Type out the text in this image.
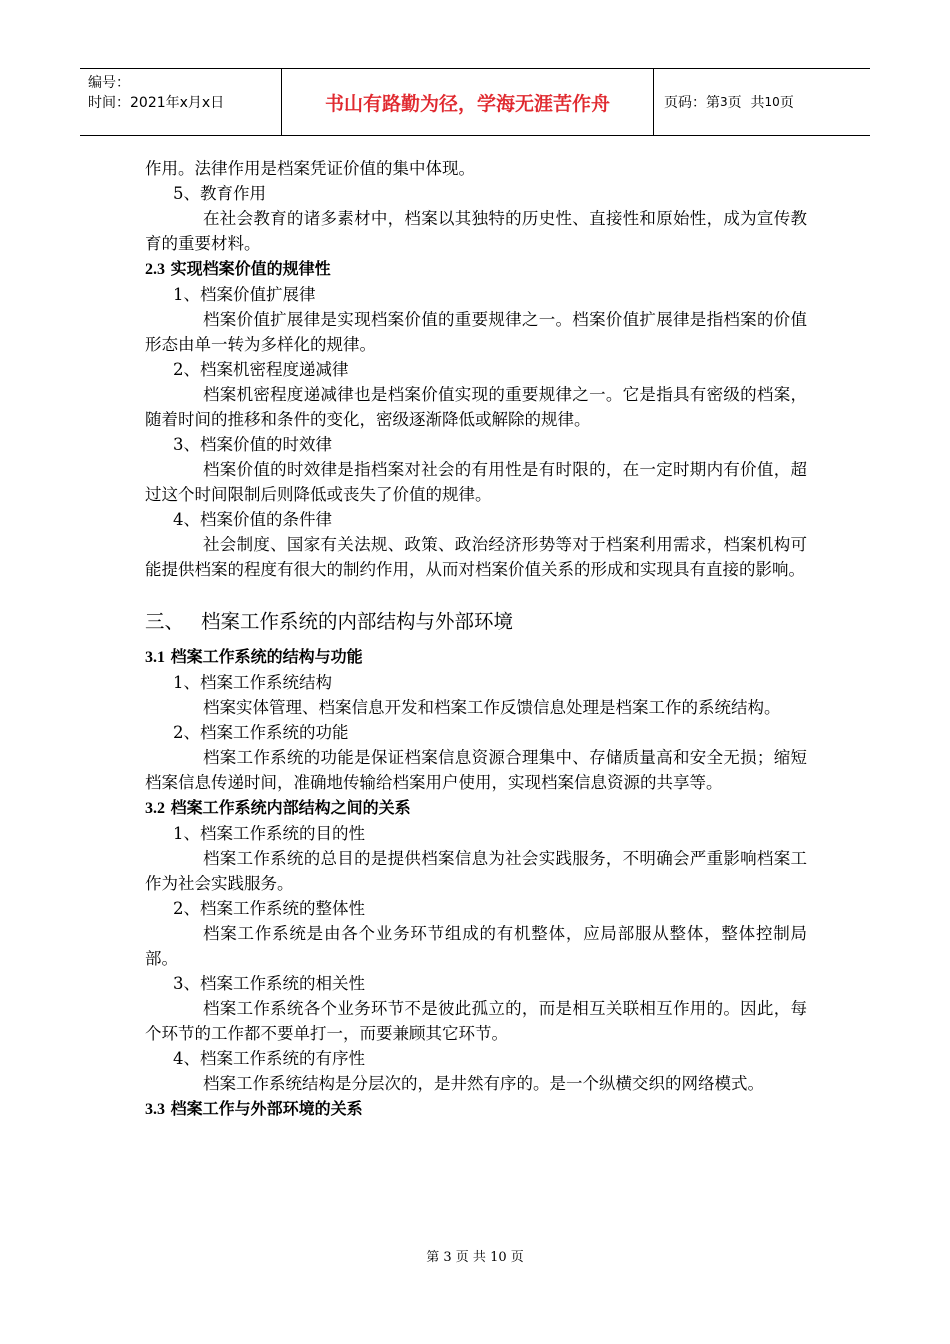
编号：
时间：2021年x月x日	书山有路勤为径，学海无涯苦作舟	页码：第 3 页  共 10 页

作用。法律作用是档案凭证价值的集中体现。

5、教育作用

在社会教育的诸多素材中，档案以其独特的历史性、直接性和原始性，成为宣传教育的重要材料。

2.3 实现档案价值的规律性

1、档案价值扩展律

档案价值扩展律是实现档案价值的重要规律之一。档案价值扩展律是指档案的价值形态由单一转为多样化的规律。

2、档案机密程度递减律

档案机密程度递减律也是档案价值实现的重要规律之一。它是指具有密级的档案，随着时间的推移和条件的变化，密级逐渐降低或解除的规律。

3、档案价值的时效律

档案价值的时效律是指档案对社会的有用性是有时限的，在一定时期内有价值，超过这个时间限制后则降低或丧失了价值的规律。

4、档案价值的条件律

社会制度、国家有关法规、政策、政治经济形势等对于档案利用需求，档案机构可能提供档案的程度有很大的制约作用，从而对档案价值关系的形成和实现具有直接的影响。

三、 档案工作系统的内部结构与外部环境

3.1 档案工作系统的结构与功能

1、档案工作系统结构

档案实体管理、档案信息开发和档案工作反馈信息处理是档案工作的系统结构。

2、档案工作系统的功能

档案工作系统的功能是保证档案信息资源合理集中、存储质量高和安全无损；缩短档案信息传递时间，准确地传输给档案用户使用，实现档案信息资源的共享等。

3.2 档案工作系统内部结构之间的关系

1、档案工作系统的目的性

档案工作系统的总目的是提供档案信息为社会实践服务，不明确会严重影响档案工作为社会实践服务。

2、档案工作系统的整体性

档案工作系统是由各个业务环节组成的有机整体，应局部服从整体，整体控制局部。

3、档案工作系统的相关性

档案工作系统各个业务环节不是彼此孤立的，而是相互关联相互作用的。因此，每个环节的工作都不要单打一，而要兼顾其它环节。

4、档案工作系统的有序性

档案工作系统结构是分层次的，是井然有序的。是一个纵横交织的网络模式。

3.3 档案工作与外部环境的关系

第 3 页 共 10 页
